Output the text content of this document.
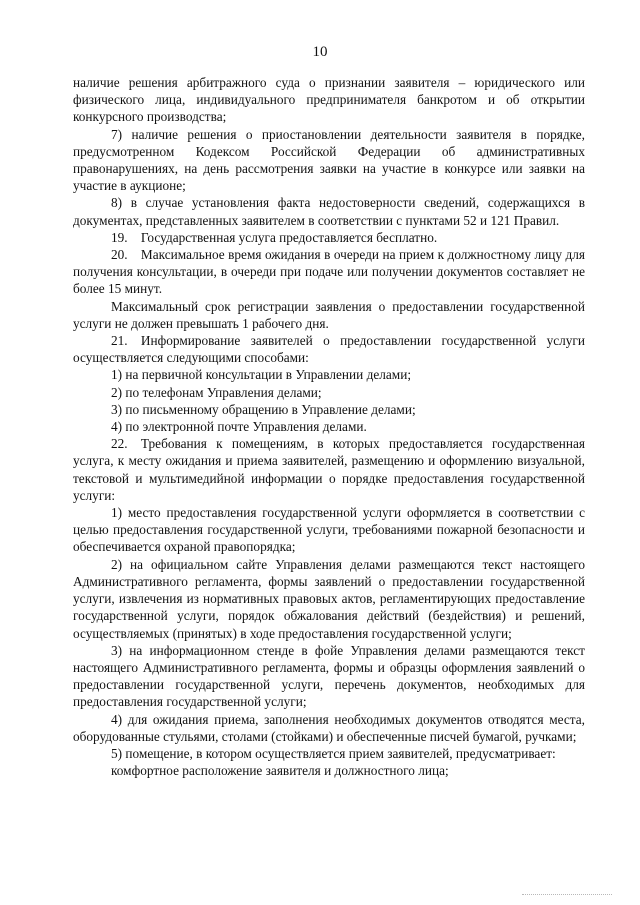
10

наличие решения арбитражного суда о признании заявителя – юридического или физического лица, индивидуального предпринимателя банкротом и об открытии конкурсного производства;

7) наличие решения о приостановлении деятельности заявителя в порядке, предусмотренном Кодексом Российской Федерации об административных правонарушениях, на день рассмотрения заявки на участие в конкурсе или заявки на участие в аукционе;

8) в случае установления факта недостоверности сведений, содержащихся в документах, представленных заявителем в соответствии с пунктами 52 и 121 Правил.

19. Государственная услуга предоставляется бесплатно.

20. Максимальное время ожидания в очереди на прием к должностному лицу для получения консультации, в очереди при подаче или получении документов составляет не более 15 минут.

Максимальный срок регистрации заявления о предоставлении государственной услуги не должен превышать 1 рабочего дня.

21. Информирование заявителей о предоставлении государственной услуги осуществляется следующими способами:

1) на первичной консультации в Управлении делами;

2) по телефонам Управления делами;

3) по письменному обращению в Управление делами;

4) по электронной почте Управления делами.

22. Требования к помещениям, в которых предоставляется государственная услуга, к месту ожидания и приема заявителей, размещению и оформлению визуальной, текстовой и мультимедийной информации о порядке предоставления государственной услуги:

1) место предоставления государственной услуги оформляется в соответствии с целью предоставления государственной услуги, требованиями пожарной безопасности и обеспечивается охраной правопорядка;

2) на официальном сайте Управления делами размещаются текст настоящего Административного регламента, формы заявлений о предоставлении государственной услуги, извлечения из нормативных правовых актов, регламентирующих предоставление государственной услуги, порядок обжалования действий (бездействия) и решений, осуществляемых (принятых) в ходе предоставления государственной услуги;

3) на информационном стенде в фойе Управления делами размещаются текст настоящего Административного регламента, формы и образцы оформления заявлений о предоставлении государственной услуги, перечень документов, необходимых для предоставления государственной услуги;

4) для ожидания приема, заполнения необходимых документов отводятся места, оборудованные стульями, столами (стойками) и обеспеченные писчей бумагой, ручками;

5) помещение, в котором осуществляется прием заявителей, предусматривает:

комфортное расположение заявителя и должностного лица;
